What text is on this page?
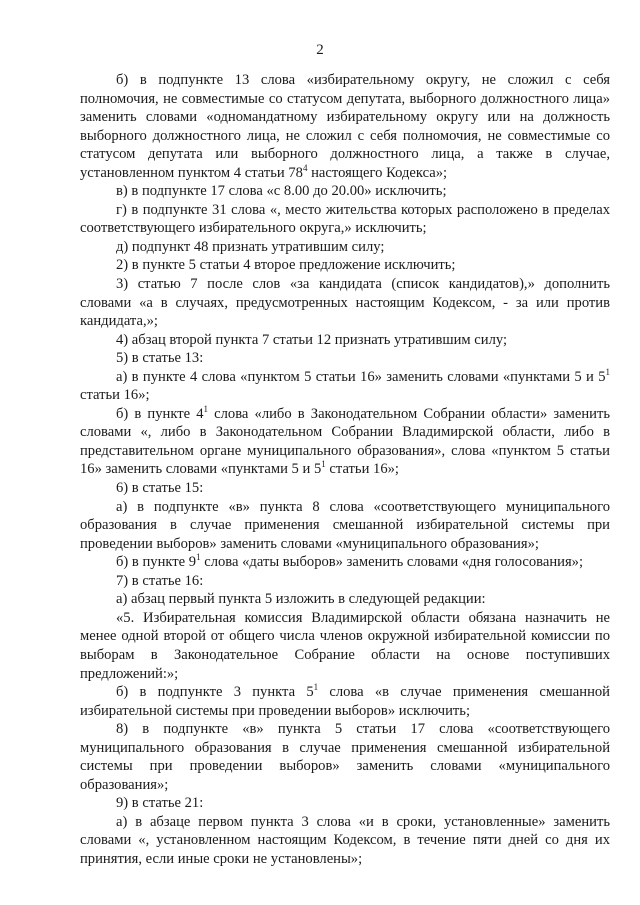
2

б) в подпункте 13 слова «избирательному округу, не сложил с себя полномочия, не совместимые со статусом депутата, выборного должностного лица» заменить словами «одномандатному избирательному округу или на должность выборного должностного лица, не сложил с себя полномочия, не совместимые со статусом депутата или выборного должностного лица, а также в случае, установленном пунктом 4 статьи $78^4$ настоящего Кодекса»;

в) в подпункте 17 слова «с 8.00 до 20.00» исключить;

г) в подпункте 31 слова «, место жительства которых расположено в пределах соответствующего избирательного округа,» исключить;

д) подпункт 48 признать утратившим силу;

2) в пункте 5 статьи 4 второе предложение исключить;

3) статью 7 после слов «за кандидата (список кандидатов),» дополнить словами «а в случаях, предусмотренных настоящим Кодексом, - за или против кандидата,»;

4) абзац второй пункта 7 статьи 12 признать утратившим силу;

5) в статье 13:

а) в пункте 4 слова «пунктом 5 статьи 16» заменить словами «пунктами 5 и $5^1$ статьи 16»;

б) в пункте $4^1$ слова «либо в Законодательном Собрании области» заменить словами «, либо в Законодательном Собрании Владимирской области, либо в представительном органе муниципального образования», слова «пунктом 5 статьи 16» заменить словами «пунктами 5 и $5^1$ статьи 16»;

6) в статье 15:

а) в подпункте «в» пункта 8 слова «соответствующего муниципального образования в случае применения смешанной избирательной системы при проведении выборов» заменить словами «муниципального образования»;

б) в пункте $9^1$ слова «даты выборов» заменить словами «дня голосования»;

7) в статье 16:

а) абзац первый пункта 5 изложить в следующей редакции:

«5. Избирательная комиссия Владимирской области обязана назначить не менее одной второй от общего числа членов окружной избирательной комиссии по выборам в Законодательное Собрание области на основе поступивших предложений:»;

б) в подпункте 3 пункта $5^1$ слова «в случае применения смешанной избирательной системы при проведении выборов» исключить;

8) в подпункте «в» пункта 5 статьи 17 слова «соответствующего муниципального образования в случае применения смешанной избирательной системы при проведении выборов» заменить словами «муниципального образования»;

9) в статье 21:

а) в абзаце первом пункта 3 слова «и в сроки, установленные» заменить словами «, установленном настоящим Кодексом, в течение пяти дней со дня их принятия, если иные сроки не установлены»;
